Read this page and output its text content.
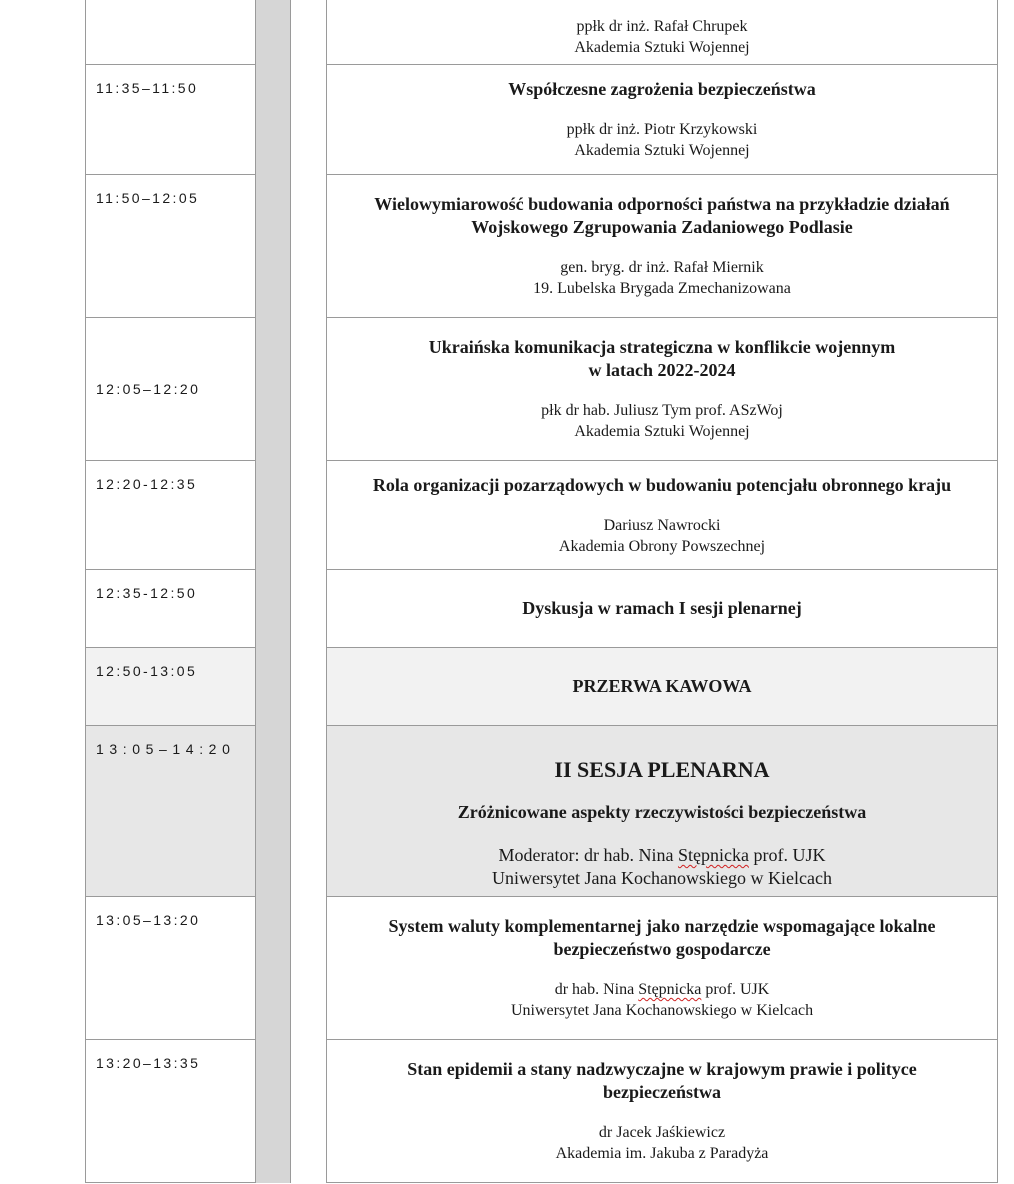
			ppłk dr inż. Rafał Chrupek
Akademia Sztuki Wojennej

11:35–11:50			Współczesne zagrożenia bezpieczeństwa
ppłk dr inż. Piotr Krzykowski
Akademia Sztuki Wojennej

11:50–12:05			Wielowymiarowość budowania odporności państwa na przykładzie działań
Wojskowego Zgrupowania Zadaniowego Podlasie
gen. bryg. dr inż. Rafał Miernik
19. Lubelska Brygada Zmechanizowana

12:05–12:20			Ukraińska komunikacja strategiczna w konflikcie wojennym
w latach 2022-2024
płk dr hab. Juliusz Tym prof. ASzWoj
Akademia Sztuki Wojennej

12:20-12:35			Rola organizacji pozarządowych w budowaniu potencjału obronnego kraju
Dariusz Nawrocki
Akademia Obrony Powszechnej

12:35-12:50			Dyskusja w ramach I sesji plenarnej

12:50-13:05			PRZERWA KAWOWA

13:05–14:20			II SESJA PLENARNA
Zróżnicowane aspekty rzeczywistości bezpieczeństwa
Moderator: dr hab. Nina Stępnicka prof. UJK
Uniwersytet Jana Kochanowskiego w Kielcach

13:05–13:20			System waluty komplementarnej jako narzędzie wspomagające lokalne
bezpieczeństwo gospodarcze
dr hab. Nina Stępnicka prof. UJK
Uniwersytet Jana Kochanowskiego w Kielcach

13:20–13:35			Stan epidemii a stany nadzwyczajne w krajowym prawie i polityce
bezpieczeństwa
dr Jacek Jaśkiewicz
Akademia im. Jakuba z Paradyża
